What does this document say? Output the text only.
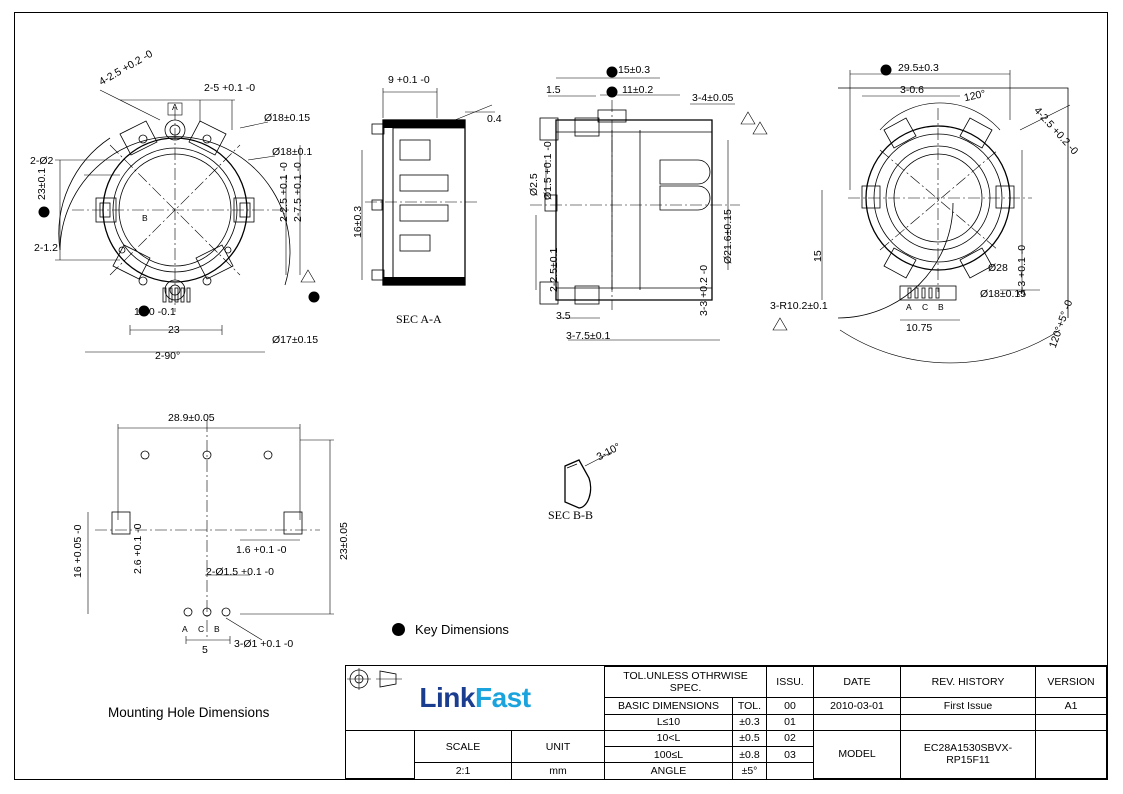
4-2.5 +0.2 -0	2-5 +0.1 -0
Ø18±0.15
Ø18±0.1
2-Ø2
23±0.1
2-1.2
2-2.5 +0.1 -0 2-7.5 +0.1 -0
1 +0 -0.1
23
Ø17±0.15
2-90°
A
B
9 +0.1 -0
0.4
16±0.3
SEC A-A
15±0.3
11±0.2
1.5
3-4±0.05
Ø2.5 Ø1.5 +0.1 -0
Ø21.6±0.15
2-2.5±0.1	3-3 +0.2 -0
3.5
3-7.5±0.1
29.5±0.3
3-0.6	120°
4-2.5 +0.2 -0
15	3-3 +0.1 -0
Ø28
Ø18±0.15
3-R10.2±0.1
10.75	120°+5° -0
A C B
28.9±0.05
23±0.05
16 +0.05 -0	2.6 +0.1 -0	1.6 +0.1 -0
2-Ø1.5 +0.1 -0
3-Ø1 +0.1 -0
5
A C B
Mounting Hole Dimensions
3-10°
SEC B-B
Key Dimensions
LinkFast			TOL.UNLESS OTHRWISE SPEC.		ISSU.	DATE	REV. HISTORY	VERSION
			BASIC DIMENSIONS	TOL.	00	2010-03-01	First Issue	A1
			L≤10	±0.3	01			

	SCALE	UNIT	10<L	±0.5	02	MODEL	EC28A1530SBVX-RP15F11	
			100≤L	±0.8	03			
	2:1	mm	ANGLE	±5°				
